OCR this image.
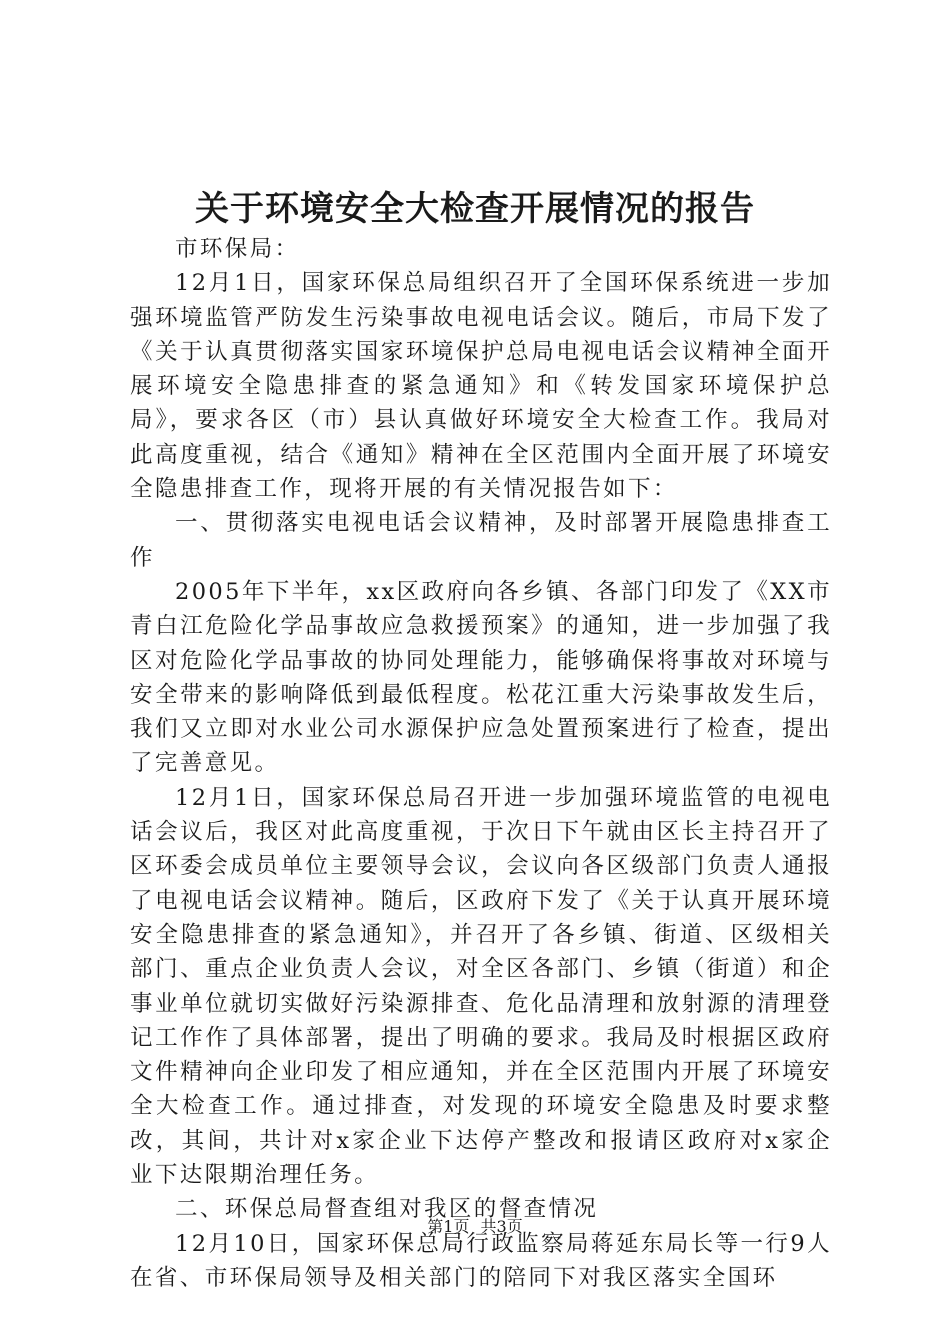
关于环境安全大检查开展情况的报告

市环保局：

12月1日，国家环保总局组织召开了全国环保系统进一步加强环境监管严防发生污染事故电视电话会议。随后，市局下发了《关于认真贯彻落实国家环境保护总局电视电话会议精神全面开展环境安全隐患排查的紧急通知》和《转发国家环境保护总局》，要求各区（市）县认真做好环境安全大检查工作。我局对此高度重视，结合《通知》精神在全区范围内全面开展了环境安全隐患排查工作，现将开展的有关情况报告如下：

一、贯彻落实电视电话会议精神，及时部署开展隐患排查工作

2005年下半年，xx区政府向各乡镇、各部门印发了《XX市青白江危险化学品事故应急救援预案》的通知，进一步加强了我区对危险化学品事故的协同处理能力，能够确保将事故对环境与安全带来的影响降低到最低程度。松花江重大污染事故发生后，我们又立即对水业公司水源保护应急处置预案进行了检查，提出了完善意见。

12月1日，国家环保总局召开进一步加强环境监管的电视电话会议后，我区对此高度重视，于次日下午就由区长主持召开了区环委会成员单位主要领导会议，会议向各区级部门负责人通报了电视电话会议精神。随后，区政府下发了《关于认真开展环境安全隐患排查的紧急通知》，并召开了各乡镇、街道、区级相关部门、重点企业负责人会议，对全区各部门、乡镇（街道）和企事业单位就切实做好污染源排查、危化品清理和放射源的清理登记工作作了具体部署，提出了明确的要求。我局及时根据区政府文件精神向企业印发了相应通知，并在全区范围内开展了环境安全大检查工作。通过排查，对发现的环境安全隐患及时要求整改，其间，共计对x家企业下达停产整改和报请区政府对x家企业下达限期治理任务。

二、环保总局督查组对我区的督查情况

12月10日，国家环保总局行政监察局蒋延东局长等一行9人在省、市环保局领导及相关部门的陪同下对我区落实全国环

第1页 共3页
